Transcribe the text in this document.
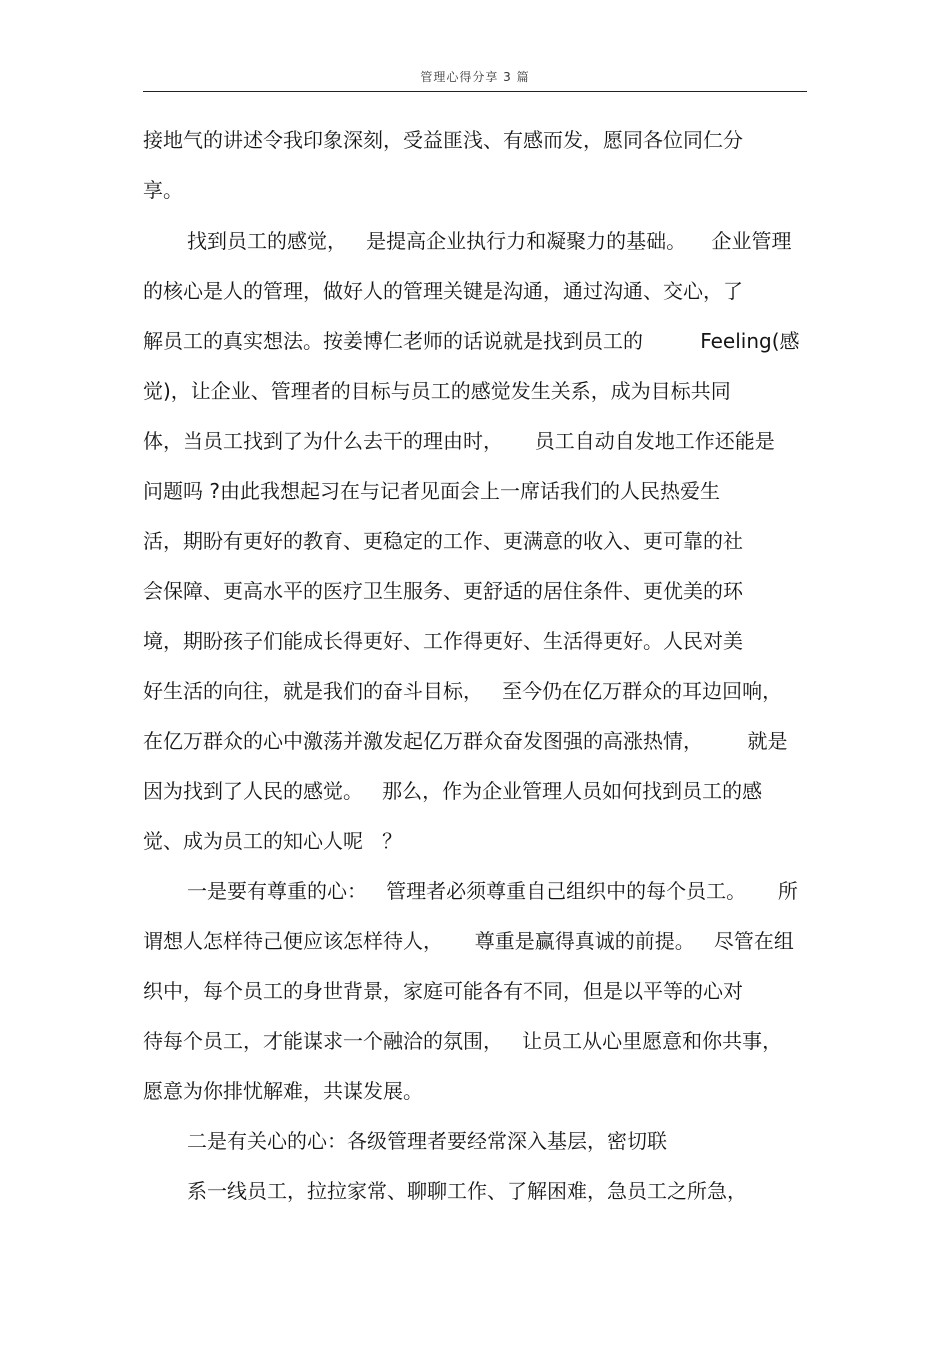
管理心得分享 3 篇
接地气的讲述令我印象深刻，受益匪浅、有感而发，愿同各位同仁分
享。
找到员工的感觉，   是提高企业执行力和凝聚力的基础。    企业管理
的核心是人的管理，做好人的管理关键是沟通，通过沟通、交心，了
解员工的真实想法。按姜博仁老师的话说就是找到员工的         Feeling(感
觉)，让企业、管理者的目标与员工的感觉发生关系，成为目标共同
体，当员工找到了为什么去干的理由时，     员工自动自发地工作还能是
问题吗 ?由此我想起习在与记者见面会上一席话我们的人民热爱生
活，期盼有更好的教育、更稳定的工作、更满意的收入、更可靠的社
会保障、更高水平的医疗卫生服务、更舒适的居住条件、更优美的环
境，期盼孩子们能成长得更好、工作得更好、生活得更好。人民对美
好生活的向往，就是我们的奋斗目标，   至今仍在亿万群众的耳边回响，
在亿万群众的心中激荡并激发起亿万群众奋发图强的高涨热情，       就是
因为找到了人民的感觉。   那么，作为企业管理人员如何找到员工的感
觉、成为员工的知心人呢   ？
一是要有尊重的心：   管理者必须尊重自己组织中的每个员工。     所
谓想人怎样待己便应该怎样待人，     尊重是赢得真诚的前提。   尽管在组
织中，每个员工的身世背景，家庭可能各有不同，但是以平等的心对
待每个员工，才能谋求一个融洽的氛围，   让员工从心里愿意和你共事，
愿意为你排忧解难，共谋发展。
二是有关心的心：各级管理者要经常深入基层，密切联
系一线员工，拉拉家常、聊聊工作、了解困难，急员工之所急，
